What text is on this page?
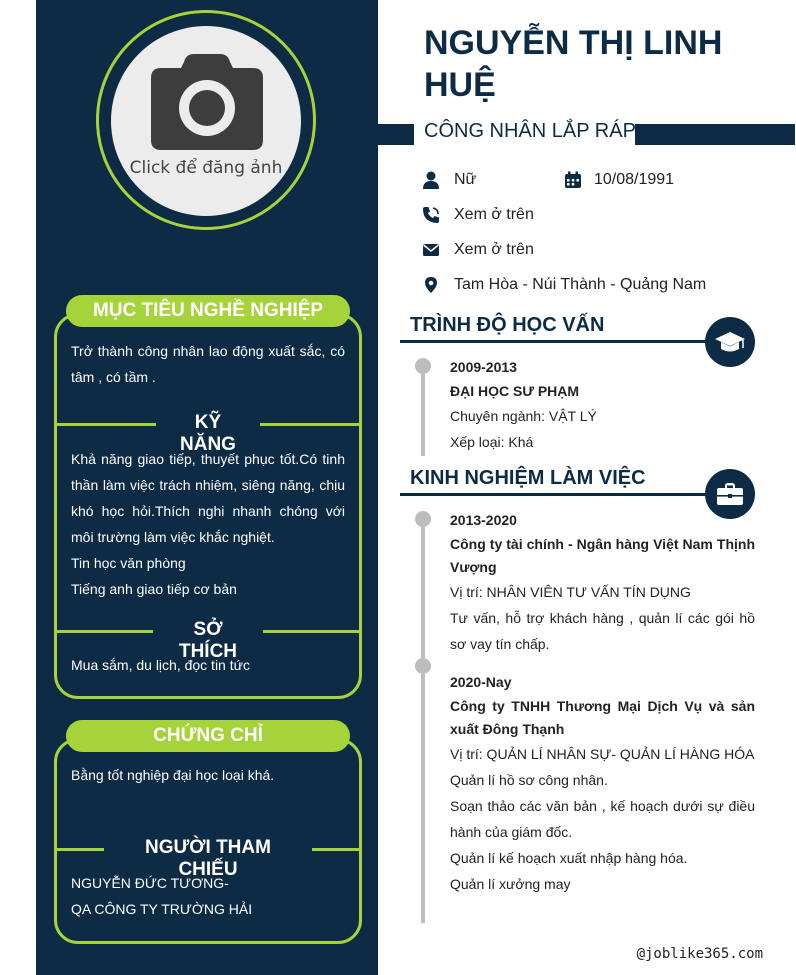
Click để đăng ảnh
MỤC TIÊU NGHỀ NGHIỆP
Trở thành công nhân lao động xuất sắc, có tâm , có tầm .
KỸ NĂNG
Khả năng giao tiếp, thuyết phục tốt.Có tinh thần làm việc trách nhiệm, siêng năng, chịu khó học hỏi.Thích nghi nhanh chóng với môi trường làm việc khắc nghiệt.
Tin học văn phòng
Tiếng anh giao tiếp cơ bản
SỞ THÍCH
Mua sắm, du lịch, đọc tin tức
CHỨNG CHỈ
Bằng tốt nghiệp đại học loại khá.
NGƯỜI THAM CHIẾU
NGUYỄN ĐỨC TƯƠNG-
QA CÔNG TY TRƯỜNG HẢI
NGUYỄN THỊ LINH HUỆ
CÔNG NHÂN LẮP RÁP
Nữ	10/08/1991
Xem ở trên
Xem ở trên
Tam Hòa - Núi Thành - Quảng Nam
TRÌNH ĐỘ HỌC VẤN

2009-2013

ĐẠI HỌC SƯ PHẠM

Chuyên ngành: VẬT LÝ

Xếp loại: Khá

KINH NGHIỆM LÀM VIỆC

2013-2020

Công ty tài chính - Ngân hàng Việt Nam Thịnh Vượng

Vị trí: NHÂN VIÊN TƯ VẤN TÍN DỤNG

Tư vấn, hỗ trợ khách hàng , quản lí các gói hồ sơ vay tín chấp.

2020-Nay

Công ty TNHH Thương Mại Dịch Vụ và sản xuất Đông Thạnh

Vị trí: QUẢN LÍ NHÂN SỰ- QUẢN LÍ HÀNG HÓA

Quản lí hồ sơ công nhân.

Soạn thảo các văn bản , kế hoạch dưới sự điều hành của giám đốc.

Quản lí kế hoạch xuất nhập hàng hóa.

Quản lí xưởng may

@joblike365.com
